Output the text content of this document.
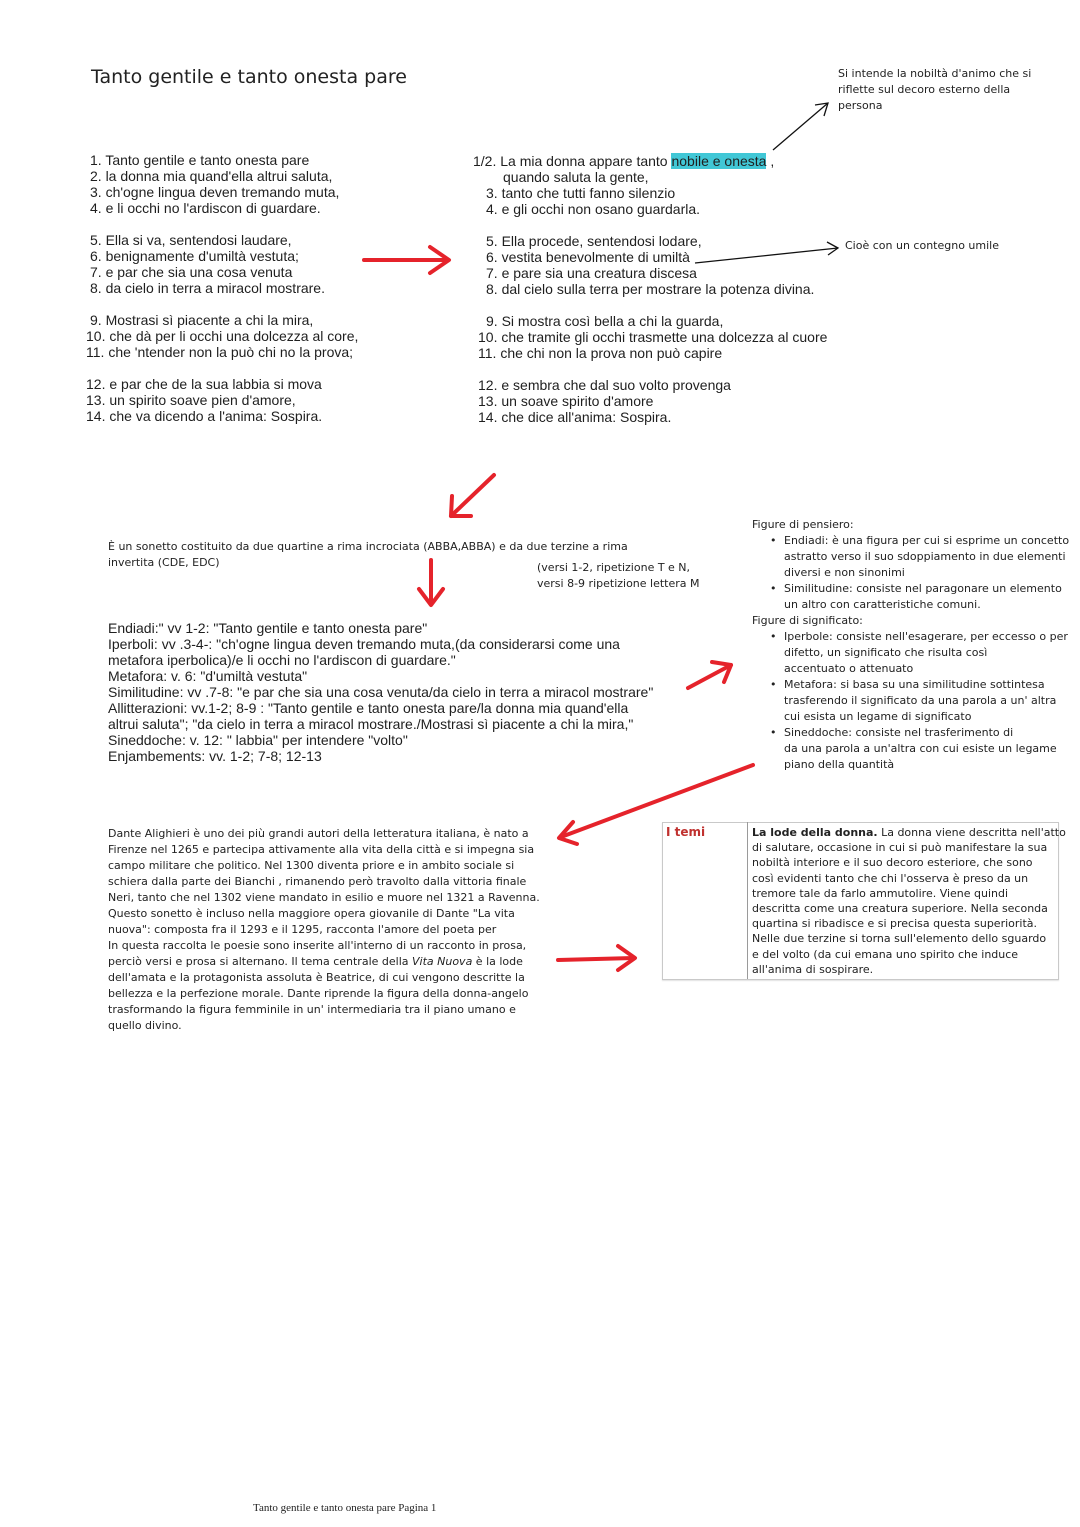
Tanto gentile e tanto onesta pare	Si intende la nobiltà d'animo che si
riflette sul decoro esterno della
persona
1. Tanto gentile e tanto onesta pare
2. la donna mia quand'ella altrui saluta,
3. ch'ogne lingua deven tremando muta,
4. e li occhi no l'ardiscon di guardare.
5. Ella si va, sentendosi laudare,
6. benignamente d'umiltà vestuta;
7. e par che sia una cosa venuta
8. da cielo in terra a miracol mostrare.
9. Mostrasi sì piacente a chi la mira,
10. che dà per li occhi una dolcezza al core,
11. che 'ntender non la può chi no la prova;
12. e par che de la sua labbia si mova
13. un spirito soave pien d'amore,
14. che va dicendo a l'anima: Sospira.
1/2. La mia donna appare tanto nobile e onesta ,
quando saluta la gente,
3. tanto che tutti fanno silenzio
4. e gli occhi non osano guardarla.
5. Ella procede, sentendosi lodare,
6. vestita benevolmente di umiltà
7. e pare sia una creatura discesa
8. dal cielo sulla terra per mostrare la potenza divina.
9. Si mostra così bella a chi la guarda,
10. che tramite gli occhi trasmette una dolcezza al cuore
11. che chi non la prova non può capire
12. e sembra che dal suo volto provenga
13. un soave spirito d'amore
14. che dice all'anima: Sospira.
Cioè con un contegno umile
È un sonetto costituito da due quartine a rima incrociata (ABBA,ABBA) e da due terzine a rima
invertita (CDE, EDC)	(versi 1-2, ripetizione T e N,
versi 8-9 ripetizione lettera M
Endiadi:" vv 1-2: "Tanto gentile e tanto onesta pare"
Iperboli: vv .3-4-: "ch'ogne lingua deven tremando muta,(da considerarsi come una
metafora iperbolica)/e li occhi no l'ardiscon di guardare."
Metafora: v. 6: "d'umiltà vestuta"
Similitudine: vv .7-8: "e par che sia una cosa venuta/da cielo in terra a miracol mostrare"
Allitterazioni: vv.1-2; 8-9 : "Tanto gentile e tanto onesta pare/la donna mia quand'ella
altrui saluta"; "da cielo in terra a miracol mostrare./Mostrasi sì piacente a chi la mira,"
Sineddoche: v. 12: " labbia" per intendere "volto"
Enjambements: vv. 1-2; 7-8; 12-13
Figure di pensiero:
• Endiadi: è una figura per cui si esprime un concetto
astratto verso il suo sdoppiamento in due elementi
diversi e non sinonimi
• Similitudine: consiste nel paragonare un elemento
un altro con caratteristiche comuni.
Figure di significato:
• Iperbole: consiste nell'esagerare, per eccesso o per
difetto, un significato che risulta così
accentuato o attenuato
• Metafora: si basa su una similitudine sottintesa
trasferendo il significato da una parola a un' altra
cui esista un legame di significato
• Sineddoche: consiste nel trasferimento di
da una parola a un'altra con cui esiste un legame
piano della quantità
Dante Alighieri è uno dei più grandi autori della letteratura italiana, è nato a
Firenze nel 1265 e partecipa attivamente alla vita della città e si impegna sia
campo militare che politico. Nel 1300 diventa priore e in ambito sociale si
schiera dalla parte dei Bianchi , rimanendo però travolto dalla vittoria finale
Neri, tanto che nel 1302 viene mandato in esilio e muore nel 1321 a Ravenna.
Questo sonetto è incluso nella maggiore opera giovanile di Dante "La vita
nuova": composta fra il 1293 e il 1295, racconta l'amore del poeta per
In questa raccolta le poesie sono inserite all'interno di un racconto in prosa,
perciò versi e prosa si alternano. Il tema centrale della Vita Nuova è la lode
dell'amata e la protagonista assoluta è Beatrice, di cui vengono descritte la
bellezza e la perfezione morale. Dante riprende la figura della donna-angelo
trasformando la figura femminile in un' intermediaria tra il piano umano e
quello divino.
I temi	La lode della donna. La donna viene descritta nell'atto
di salutare, occasione in cui si può manifestare la sua
nobiltà interiore e il suo decoro esteriore, che sono
così evidenti tanto che chi l'osserva è preso da un
tremore tale da farlo ammutolire. Viene quindi
descritta come una creatura superiore. Nella seconda
quartina si ribadisce e si precisa questa superiorità.
Nelle due terzine si torna sull'elemento dello sguardo
e del volto (da cui emana uno spirito che induce
all'anima di sospirare.
Tanto gentile e tanto onesta pare Pagina 1
